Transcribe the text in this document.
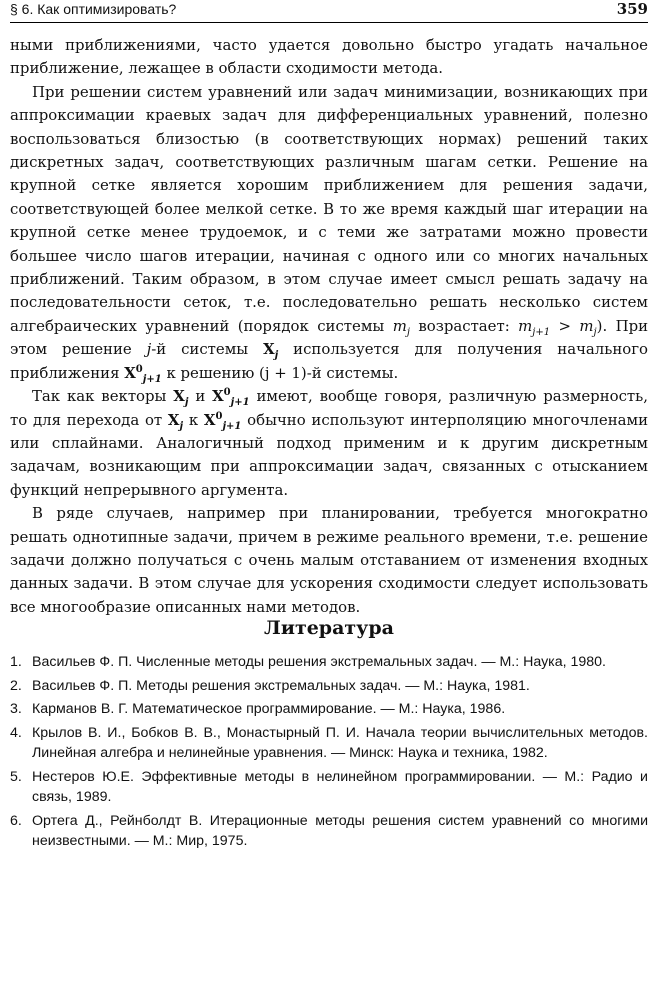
§ 6. Как оптимизировать?	359

ными приближениями, часто удается довольно быстро угадать начальное приближение, лежащее в области сходимости метода.

При решении систем уравнений или задач минимизации, возникающих при аппроксимации краевых задач для дифференциальных уравнений, полезно воспользоваться близостью (в соответствующих нормах) решений таких дискретных задач, соответствующих различным шагам сетки. Решение на крупной сетке является хорошим приближением для решения задачи, соответствующей более мелкой сетке. В то же время каждый шаг итерации на крупной сетке менее трудоемок, и с теми же затратами можно провести большее число шагов итерации, начиная с одного или со многих начальных приближений. Таким образом, в этом случае имеет смысл решать задачу на последовательности сеток, т.е. последовательно решать несколько систем алгебраических уравнений (порядок системы $m_j$ возрастает: $m_{j+1} > m_j$). При этом решение j-й системы $X_j$ используется для получения начального приближения $X^0_{j+1}$ к решению (j + 1)-й системы.

Так как векторы $X_j$ и $X^0_{j+1}$ имеют, вообще говоря, различную размерность, то для перехода от $X_j$ к $X^0_{j+1}$ обычно используют интерполяцию многочленами или сплайнами. Аналогичный подход применим и к другим дискретным задачам, возникающим при аппроксимации задач, связанных с отысканием функций непрерывного аргумента.

В ряде случаев, например при планировании, требуется многократно решать однотипные задачи, причем в режиме реального времени, т.е. решение задачи должно получаться с очень малым отставанием от изменения входных данных задачи. В этом случае для ускорения сходимости следует использовать все многообразие описанных нами методов.

Литература
1. Васильев Ф. П. Численные методы решения экстремальных задач. — М.: Наука, 1980.
2. Васильев Ф. П. Методы решения экстремальных задач. — М.: Наука, 1981.
3. Карманов В. Г. Математическое программирование. — М.: Наука, 1986.
4. Крылов В. И., Бобков В. В., Монастырный П. И. Начала теории вычислительных методов. Линейная алгебра и нелинейные уравнения. — Минск: Наука и техника, 1982.
5. Нестеров Ю.Е. Эффективные методы в нелинейном программировании. — М.: Радио и связь, 1989.
6. Ортега Д., Рейнболдт В. Итерационные методы решения систем уравнений со многими неизвестными. — М.: Мир, 1975.
